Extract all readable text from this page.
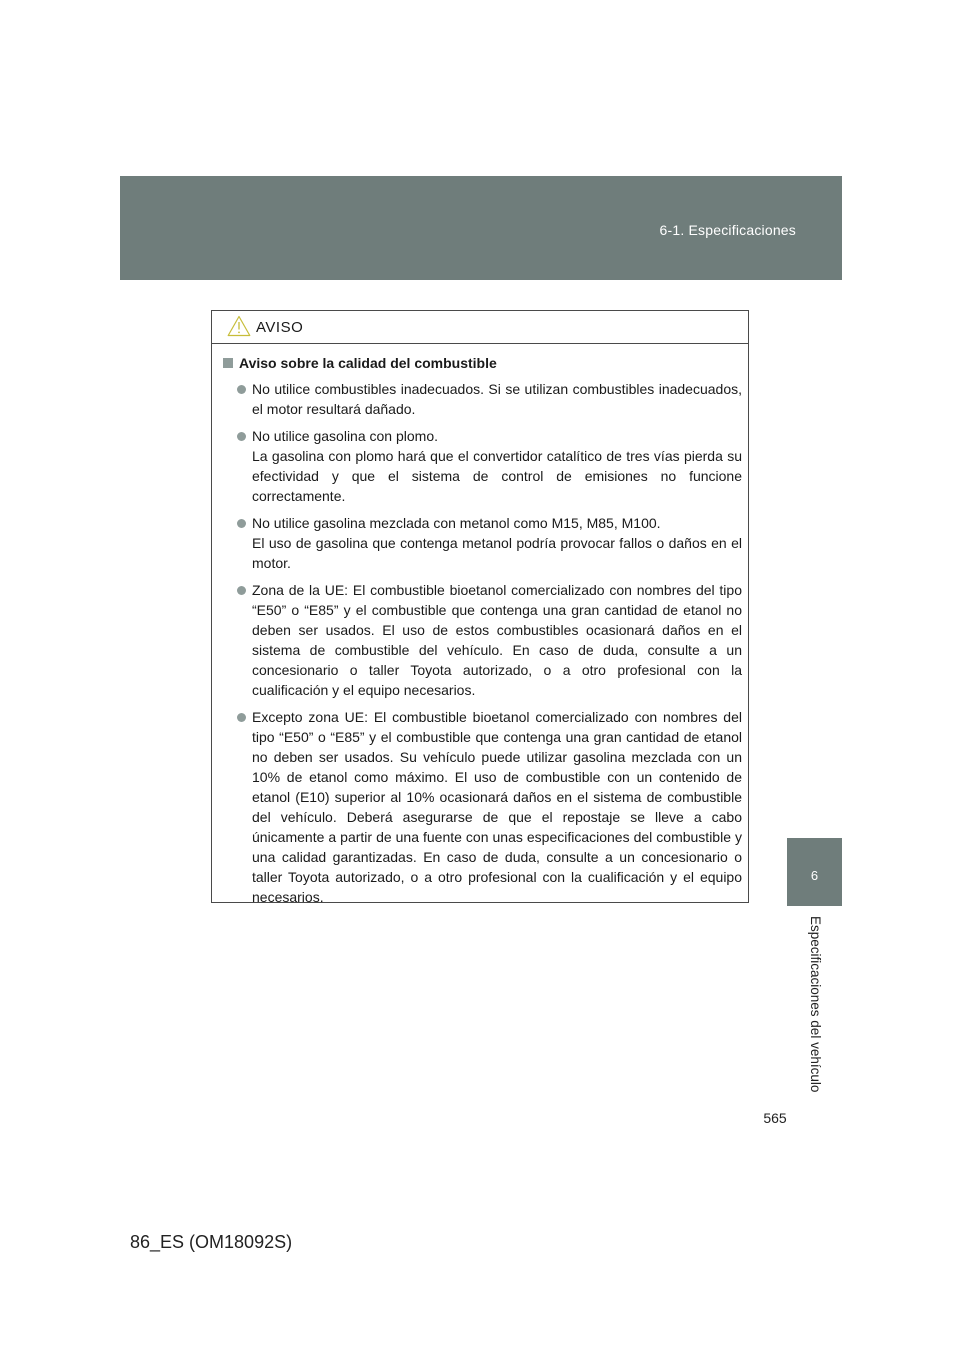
6-1. Especificaciones
6
Especificaciones del vehículo
565
86_ES (OM18092S)
AVISO
Aviso sobre la calidad del combustible

No utilice combustibles inadecuados. Si se utilizan combustibles inadecuados, el motor resultará dañado.

No utilice gasolina con plomo.

La gasolina con plomo hará que el convertidor catalítico de tres vías pierda su efectividad y que el sistema de control de emisiones no funcione correctamente.

No utilice gasolina mezclada con metanol como M15, M85, M100.

El uso de gasolina que contenga metanol podría provocar fallos o daños en el motor.

Zona de la UE: El combustible bioetanol comercializado con nombres del tipo “E50” o “E85” y el combustible que contenga una gran cantidad de etanol no deben ser usados. El uso de estos combustibles ocasionará daños en el sistema de combustible del vehículo. En caso de duda, consulte a un concesionario o taller Toyota autorizado, o a otro profesional con la cualificación y el equipo necesarios.

Excepto zona UE: El combustible bioetanol comercializado con nombres del tipo “E50” o “E85” y el combustible que contenga una gran cantidad de etanol no deben ser usados. Su vehículo puede utilizar gasolina mezclada con un 10% de etanol como máximo. El uso de combustible con un contenido de etanol (E10) superior al 10% ocasionará daños en el sistema de combustible del vehículo. Deberá asegurarse de que el repostaje se lleve a cabo únicamente a partir de una fuente con unas especificaciones del combustible y una calidad garantizadas. En caso de duda, consulte a un concesionario o taller Toyota autorizado, o a otro profesional con la cualificación y el equipo necesarios.
